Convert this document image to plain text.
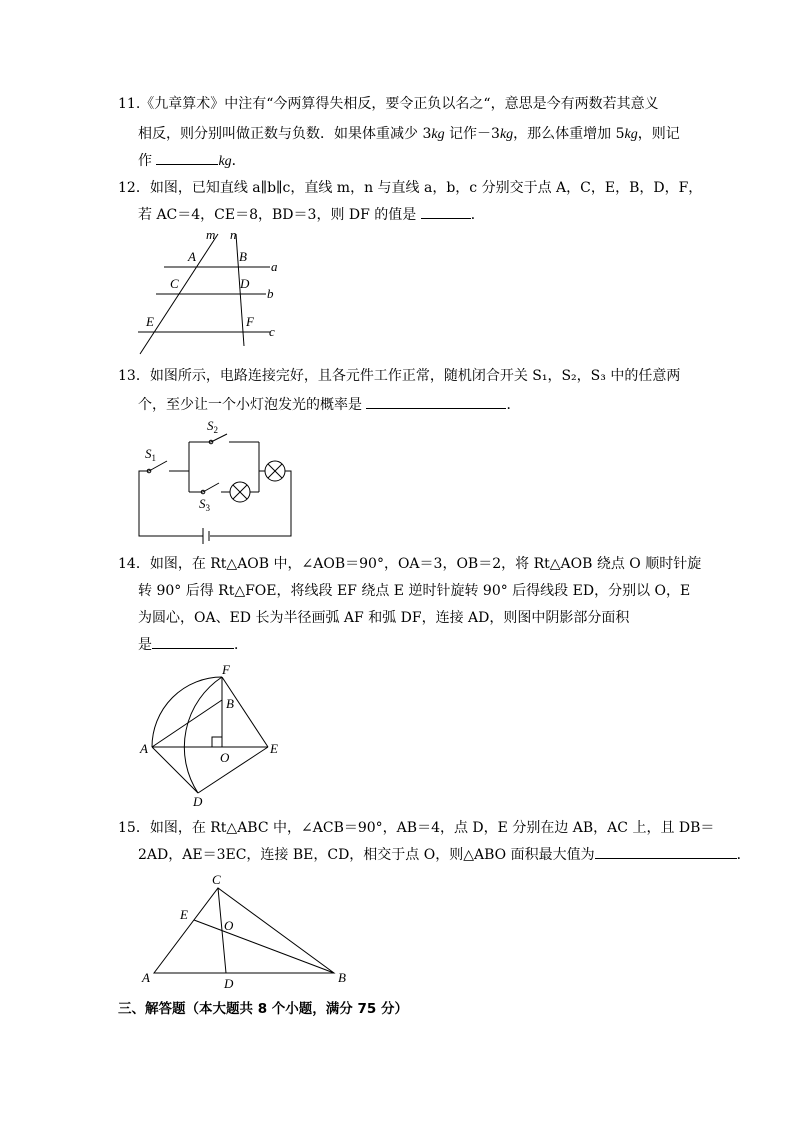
11.《九章算术》中注有“今两算得失相反，要令正负以名之“，意思是今有两数若其意义
相反，则分别叫做正数与负数．如果体重减少 3kg 记作－3kg，那么体重增加 5kg，则记
作	kg．
12．如图，已知直线 a∥b∥c，直线 m，n 与直线 a，b，c 分别交于点 A，C，E，B，D，F，
若 AC＝4，CE＝8，BD＝3，则 DF 的值是	．
m n
A	B
a
C	D
b
E	F
c
13．如图所示，电路连接完好，且各元件工作正常，随机闭合开关 S₁，S₂，S₃ 中的任意两
个，至少让一个小灯泡发光的概率是	．
$S_1$
$S_2$
$S_3$
14．如图，在 Rt△AOB 中，∠AOB＝90°，OA＝3，OB＝2，将 Rt△AOB 绕点 O 顺时针旋
转 90° 后得 Rt△FOE，将线段 EF 绕点 E 逆时针旋转 90° 后得线段 ED，分别以 O，E
为圆心，OA、ED 长为半径画弧 AF 和弧 DF，连接 AD，则图中阴影部分面积
是	．
F
B
A
O
E
D
15．如图，在 Rt△ABC 中，∠ACB＝90°，AB＝4，点 D，E 分别在边 AB，AC 上，且 DB＝
2AD，AE＝3EC，连接 BE，CD，相交于点 O，则△ABO 面积最大值为	．
C
E
O
A	D	B
三、解答题（本大题共 8 个小题，满分 75 分）
